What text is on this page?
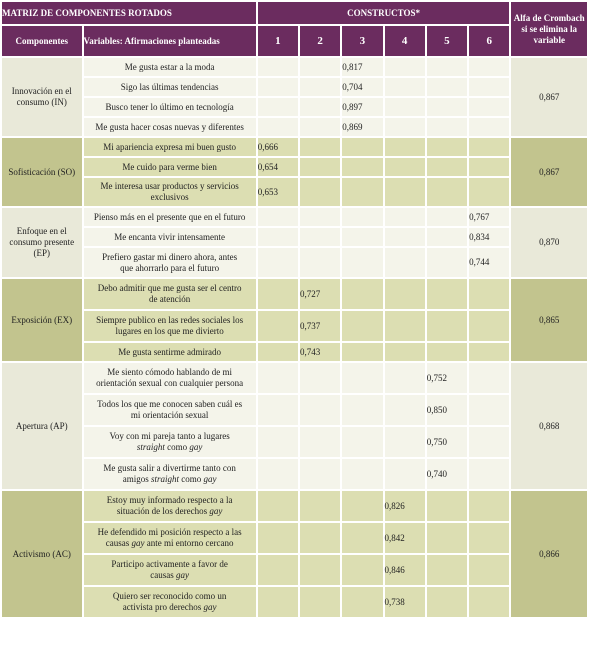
MATRIZ DE COMPONENTES ROTADOS		CONSTRUCTOS*						Alfa de Crombach si se elimina la variable
Componentes	Variables: Afirmaciones planteadas	1	2	3	4	5	6	
Innovación en el consumo (IN)	Me gusta estar a la moda			0,817				0,867
	Sigo las últimas tendencias			0,704				
	Busco tener lo último en tecnología			0,897				
	Me gusta hacer cosas nuevas y diferentes			0,869				
Sofisticación (SO)	Mi apariencia expresa mi buen gusto	0,666						0,867
	Me cuido para verme bien	0,654						
	Me interesa usar productos y servicios
exclusivos	0,653						
Enfoque en el consumo presente (EP)	Pienso más en el presente que en el futuro						0,767	0,870
	Me encanta vivir intensamente						0,834	
	Prefiero gastar mi dinero ahora, antes
que ahorrarlo para el futuro						0,744	
Exposición (EX)	Debo admitir que me gusta ser el centro
de atención		0,727					0,865
	Siempre publico en las redes sociales los
lugares en los que me divierto		0,737					
	Me gusta sentirme admirado		0,743					
Apertura (AP)	Me siento cómodo hablando de mi
orientación sexual con cualquier persona					0,752		0,868
	Todos los que me conocen saben cuál es
mi orientación sexual					0,850		
	Voy con mi pareja tanto a lugares
straight como gay					0,750		
	Me gusta salir a divertirme tanto con
amigos straight como gay					0,740		
Activismo (AC)	Estoy muy informado respecto a la
situación de los derechos gay				0,826			0,866
	He defendido mi posición respecto a las
causas gay ante mi entorno cercano				0,842			
	Participo activamente a favor de
causas gay				0,846			
	Quiero ser reconocido como un
activista pro derechos gay				0,738			
